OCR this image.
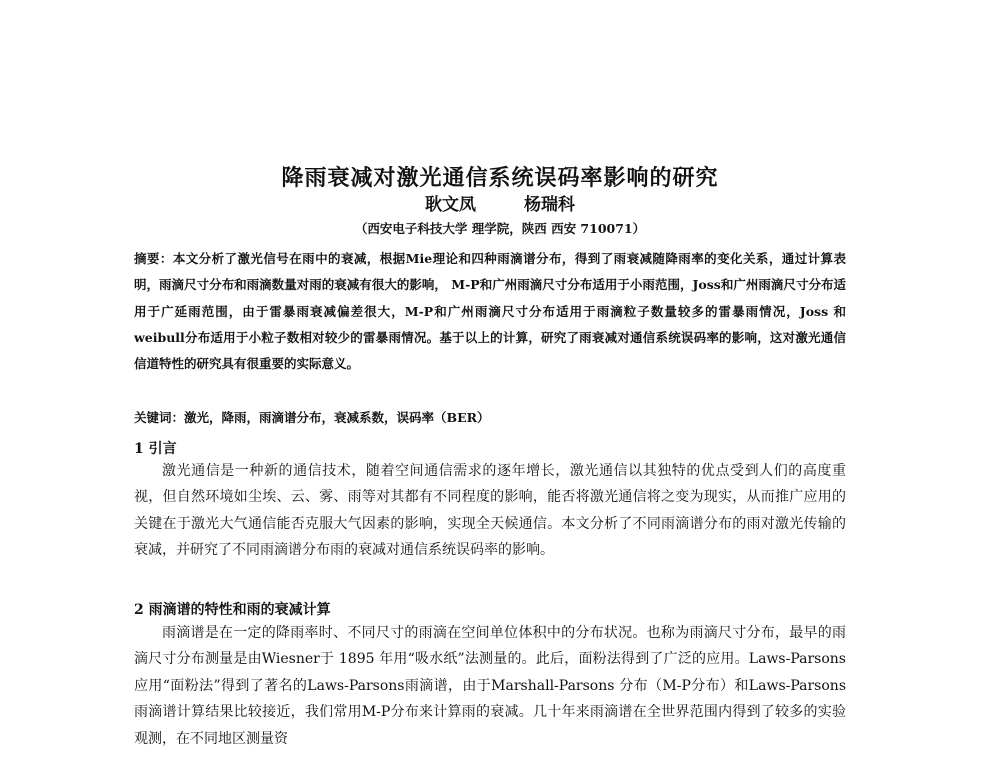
降雨衰减对激光通信系统误码率影响的研究
耿文凤	杨瑞科
（西安电子科技大学 理学院，陕西 西安 710071）

摘要：本文分析了激光信号在雨中的衰减，根据Mie理论和四种雨滴谱分布，得到了雨衰减随降雨率的变化关系，通过计算表明，雨滴尺寸分布和雨滴数量对雨的衰减有很大的影响， M-P和广州雨滴尺寸分布适用于小雨范围，Joss和广州雨滴尺寸分布适用于广延雨范围，由于雷暴雨衰减偏差很大，M-P和广州雨滴尺寸分布适用于雨滴粒子数量较多的雷暴雨情况，Joss 和 weibull分布适用于小粒子数相对较少的雷暴雨情况。基于以上的计算，研究了雨衰减对通信系统误码率的影响，这对激光通信信道特性的研究具有很重要的实际意义。

关键词：激光，降雨，雨滴谱分布，衰减系数，误码率（BER）

1 引言

激光通信是一种新的通信技术，随着空间通信需求的逐年增长，激光通信以其独特的优点受到人们的高度重视，但自然环境如尘埃、云、雾、雨等对其都有不同程度的影响，能否将激光通信将之变为现实，从而推广应用的关键在于激光大气通信能否克服大气因素的影响，实现全天候通信。本文分析了不同雨滴谱分布的雨对激光传输的衰减，并研究了不同雨滴谱分布雨的衰减对通信系统误码率的影响。

2 雨滴谱的特性和雨的衰减计算

雨滴谱是在一定的降雨率时、不同尺寸的雨滴在空间单位体积中的分布状况。也称为雨滴尺寸分布，最早的雨滴尺寸分布测量是由Wiesner于 1895 年用“吸水纸”法测量的。此后，面粉法得到了广泛的应用。Laws-Parsons应用“面粉法”得到了著名的Laws-Parsons雨滴谱，由于Marshall-Parsons 分布（M-P分布）和Laws-Parsons雨滴谱计算结果比较接近，我们常用M-P分布来计算雨的衰减。几十年来雨滴谱在全世界范围内得到了较多的实验观测，在不同地区测量资
